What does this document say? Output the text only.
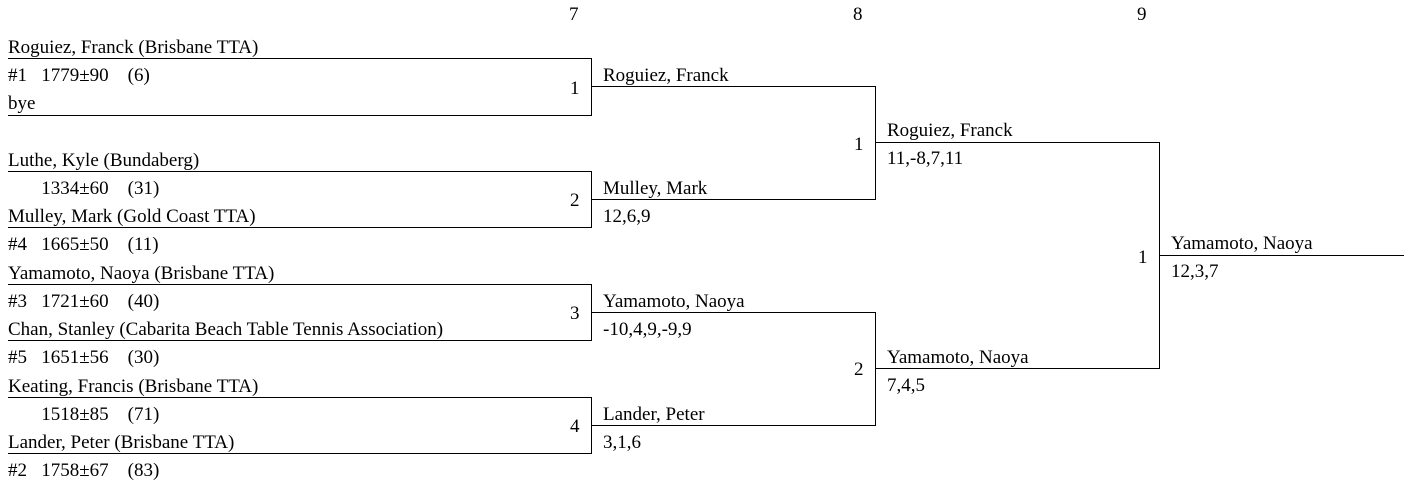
7	8	9
Roguiez, Franck (Brisbane TTA)
#1   1779±90    (6)
bye
Luthe, Kyle (Bundaberg)
1334±60    (31)
Mulley, Mark (Gold Coast TTA)
#4   1665±50    (11)
Yamamoto, Naoya (Brisbane TTA)
#3   1721±60    (40)
Chan, Stanley (Cabarita Beach Table Tennis Association)
#5   1651±56    (30)
Keating, Francis (Brisbane TTA)
1518±85    (71)
Lander, Peter (Brisbane TTA)
#2   1758±67    (83)
1
2
3
4
Roguiez, Franck
Mulley, Mark
12,6,9
Yamamoto, Naoya
-10,4,9,-9,9
Lander, Peter
3,1,6
1
2
Roguiez, Franck
11,-8,7,11
Yamamoto, Naoya
7,4,5
1
Yamamoto, Naoya
12,3,7
